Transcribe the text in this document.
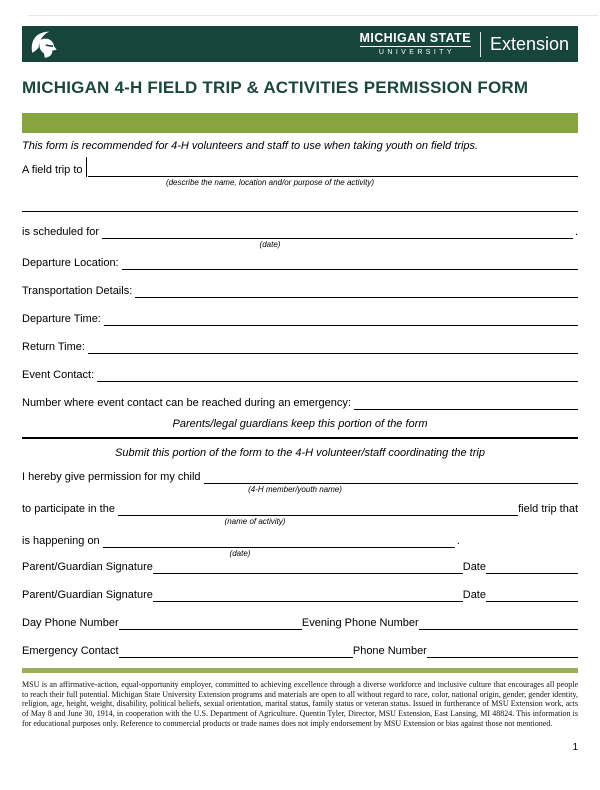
MICHIGAN STATE
UNIVERSITY Extension
MICHIGAN 4-H FIELD TRIP & ACTIVITIES PERMISSION FORM
This form is recommended for 4-H volunteers and staff to use when taking youth on field trips.
A field trip to
(describe the name, location and/or purpose of the activity)
is scheduled for	.
(date)
Departure Location:
Transportation Details:
Departure Time:
Return Time:
Event Contact:
Number where event contact can be reached during an emergency:
Parents/legal guardians keep this portion of the form
Submit this portion of the form to the 4-H volunteer/staff coordinating the trip
I hereby give permission for my child
(4-H member/youth name)
to participate in the	field trip that
(name of activity)
is happening on	.
(date)
Parent/Guardian Signature	Date
Parent/Guardian Signature	Date
Day Phone Number	Evening Phone Number
Emergency Contact	Phone Number
MSU is an affirmative-action, equal-opportunity employer, committed to achieving excellence through a diverse workforce and inclusive culture that encourages all people to reach their full potential. Michigan State University Extension programs and materials are open to all without regard to race, color, national origin, gender, gender identity, religion, age, height, weight, disability, political beliefs, sexual orientation, marital status, family status or veteran status. Issued in furtherance of MSU Extension work, acts of May 8 and June 30, 1914, in cooperation with the U.S. Department of Agriculture. Quentin Tyler, Director, MSU Extension, East Lansing, MI 48824. This information is for educational purposes only. Reference to commercial products or trade names does not imply endorsement by MSU Extension or bias against those not mentioned.
1
